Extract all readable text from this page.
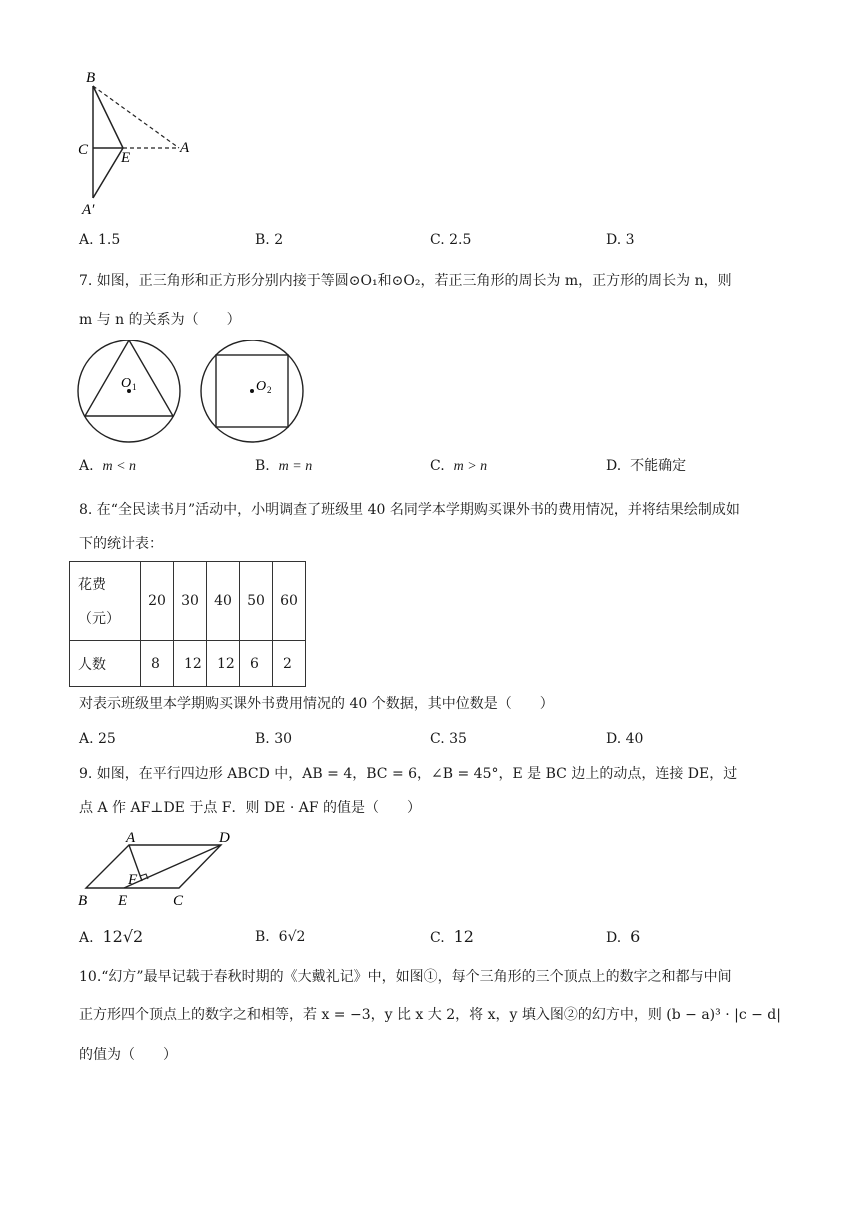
B
C E
A
A′
A. 1.5	B. 2	C. 2.5	D. 3
7. 如图，正三角形和正方形分别内接于等圆⊙O₁和⊙O₂，若正三角形的周长为 m，正方形的周长为 n，则
m 与 n 的关系为（　　）
O 1	O 2
A. m < n	B. m = n	C. m > n	D. 不能确定
8. 在“全民读书月”活动中，小明调查了班级里 40 名同学本学期购买课外书的费用情况，并将结果绘制成如
下的统计表：
花费
（元）	20	30	40	50	60
人数	8	12	12	6	2
对表示班级里本学期购买课外书费用情况的 40 个数据，其中位数是（　　）
A. 25	B. 30	C. 35	D. 40
9. 如图，在平行四边形 ABCD 中，AB = 4，BC = 6，∠B = 45°，E 是 BC 边上的动点，连接 DE，过
点 A 作 AF⊥DE 于点 F．则 DE · AF 的值是（　　）
A	D
F
B E	C
A. 12√2	B. 6√2	C. 12	D. 6
10.“幻方”最早记载于春秋时期的《大戴礼记》中，如图①，每个三角形的三个顶点上的数字之和都与中间
正方形四个顶点上的数字之和相等，若 x = −3，y 比 x 大 2，将 x，y 填入图②的幻方中，则 (b − a)³ · |c − d|
的值为（　　）
